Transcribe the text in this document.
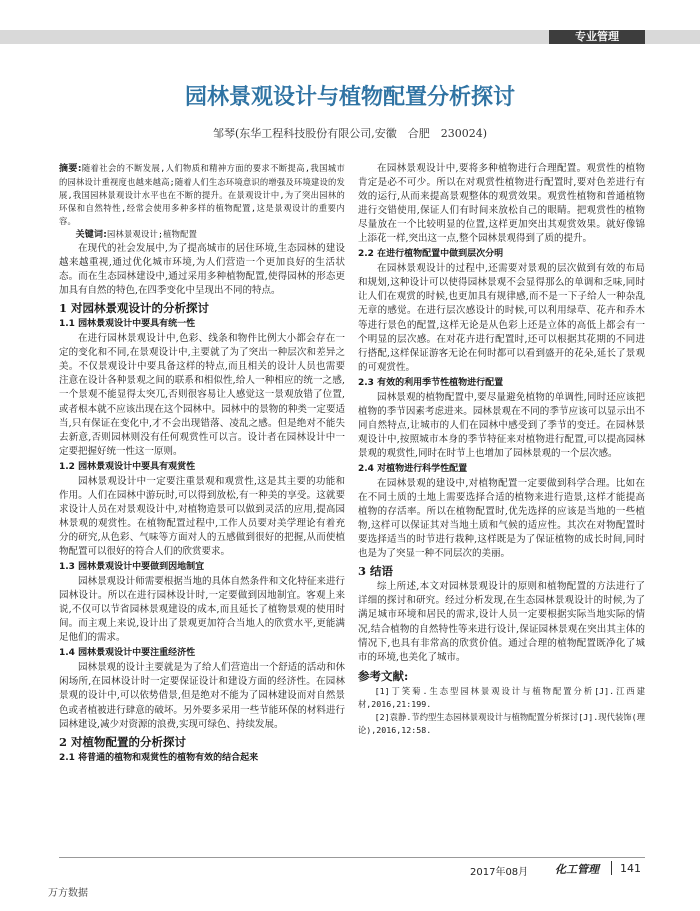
专业管理
园林景观设计与植物配置分析探讨
邹琴(东华工程科技股份有限公司,安徽　合肥　230024)

摘要:随着社会的不断发展,人们物质和精神方面的要求不断提高,我国城市的园林设计重视度也越来越高;随着人们生态环境意识的增强及环境建设的发展,我国园林景观设计水平也在不断的提升。在景观设计中,为了突出园林的环保和自然特性,经常会使用多种多样的植物配置,这是景观设计的重要内容。

关键词:园林景观设计;植物配置

在现代的社会发展中,为了提高城市的居住环境,生态园林的建设越来越重视,通过优化城市环境,为人们营造一个更加良好的生活状态。而在生态园林建设中,通过采用多种植物配置,使得园林的形态更加具有自然的特色,在四季变化中呈现出不同的特点。

1 对园林景观设计的分析探讨
1.1 园林景观设计中要具有统一性

在进行园林景观设计中,色彩、线条和物件比例大小都会存在一定的变化和不同,在景观设计中,主要就了为了突出一种层次和差异之美。不仅景观设计中要具备这样的特点,而且相关的设计人员也需要注意在设计各种景观之间的联系和相似性,给人一种相应的统一之感,一个景观不能显得太突兀,否则很容易让人感觉这一景观放错了位置,或者根本就不应该出现在这个园林中。园林中的景物的种类一定要适当,只有保证在变化中,才不会出现错落、凌乱之感。但是绝对不能失去新意,否则园林则没有任何观赏性可以言。设计者在园林设计中一定要把握好统一性这一原则。

1.2 园林景观设计中要具有观赏性

园林景观设计中一定要注重景观和观赏性,这是其主要的功能和作用。人们在园林中游玩时,可以得到放松,有一种美的享受。这就要求设计人员在对景观设计中,对植物造景可以做到灵活的应用,提高园林景观的观赏性。在植物配置过程中,工作人员要对美学理论有着充分的研究,从色彩、气味等方面对人的五感做到很好的把握,从而使植物配置可以很好的符合人们的欣赏要求。

1.3 园林景观设计中要做到因地制宜

园林景观设计师需要根据当地的具体自然条件和文化特征来进行园林设计。所以在进行园林设计时,一定要做到因地制宜。客观上来说,不仅可以节省园林景观建设的成本,而且延长了植物景观的使用时间。而主观上来说,设计出了景观更加符合当地人的欣赏水平,更能满足他们的需求。

1.4 园林景观设计中要注重经济性

园林景观的设计主要就是为了给人们营造出一个舒适的活动和休闲场所,在园林设计时一定要保证设计和建设方面的经济性。在园林景观的设计中,可以依势借景,但是绝对不能为了园林建设而对自然景色或者植被进行肆意的破坏。另外要多采用一些节能环保的材料进行园林建设,减少对资源的浪费,实现可绿色、持续发展。

2 对植物配置的分析探讨
2.1 将普通的植物和观赏性的植物有效的结合起来

在园林景观设计中,要将多种植物进行合理配置。观赏性的植物肯定是必不可少。所以在对观赏性植物进行配置时,要对色差进行有效的运行,从而来提高景观整体的观赏效果。观赏性植物和普通植物进行交错使用,保证人们有时间来放松自己的眼睛。把观赏性的植物尽量放在一个比较明显的位置,这样更加突出其观赏效果。就好像锦上添花一样,突出这一点,整个园林景观得到了质的提升。

2.2 在进行植物配置中做到层次分明

在园林景观设计的过程中,还需要对景观的层次做到有效的布局和规划,这种设计可以使得园林景观不会显得那么的单调和乏味,同时让人们在观赏的时候,也更加具有规律感,而不是一下子给人一种杂乱无章的感觉。在进行层次感设计的时候,可以利用绿草、花卉和乔木等进行景色的配置,这样无论是从色彩上还是立体的高低上都会有一个明显的层次感。在对花卉进行配置时,还可以根据其花期的不同进行搭配,这样保证游客无论在何时都可以看到盛开的花朵,延长了景观的可观赏性。

2.3 有效的利用季节性植物进行配置

园林景观的植物配置中,要尽量避免植物的单调性,同时还应该把植物的季节因素考虑进来。园林景观在不同的季节应该可以显示出不同自然特点,让城市的人们在园林中感受到了季节的变迁。在园林景观设计中,按照城市本身的季节特征来对植物进行配置,可以提高园林景观的观赏性,同时在时节上也增加了园林景观的一个层次感。

2.4 对植物进行科学性配置

在园林景观的建设中,对植物配置一定要做到科学合理。比如在在不同土质的土地上需要选择合适的植物来进行造景,这样才能提高植物的存活率。所以在植物配置时,优先选择的应该是当地的一些植物,这样可以保证其对当地土质和气候的适应性。其次在对物配置时要选择适当的时节进行栽种,这样既是为了保证植物的成长时间,同时也是为了突显一种不同层次的美丽。

3 结语

综上所述,本文对园林景观设计的原则和植物配置的方法进行了详细的探讨和研究。经过分析发现,在生态园林景观设计的时候,为了满足城市环境和居民的需求,设计人员一定要根据实际当地实际的情况,结合植物的自然特性等来进行设计,保证园林景观在突出其主体的情况下,也具有非常高的欣赏价值。通过合理的植物配置既净化了城市的环境,也美化了城市。

参考文献:

[1]丁笑菊.生态型园林景观设计与植物配置分析[J].江西建材,2016,21:199.

[2]袁静.节约型生态园林景观设计与植物配置分析探讨[J].现代装饰(理论),2016,12:58.

2017年08月 化工管理 141
万方数据
